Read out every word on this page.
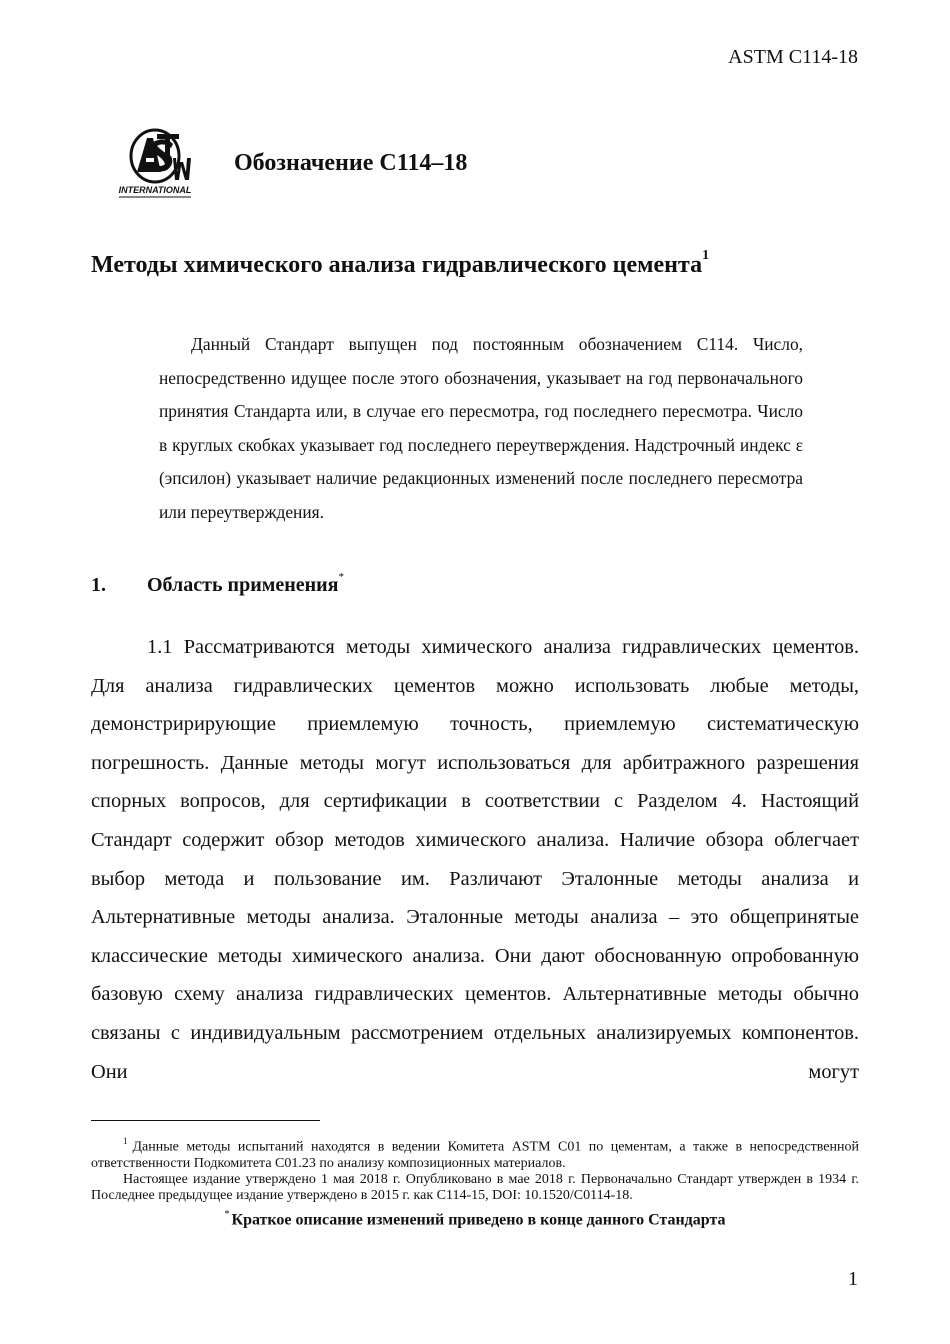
ASTM C114-18
INTERNATIONAL
Обозначение C114–18
Методы химического анализа гидравлического цемента$^1$
Данный Стандарт выпущен под постоянным обозначением C114. Число, непосредственно идущее после этого обозначения, указывает на год первоначального принятия Стандарта или, в случае его пересмотра, год последнего пересмотра. Число в круглых скобках указывает год последнего переутверждения. Надстрочный индекс ε (эпсилон) указывает наличие редакционных изменений после последнего пересмотра или переутверждения.
1. Область применения*
1.1 Рассматриваются методы химического анализа гидравлических цементов. Для анализа гидравлических цементов можно использовать любые методы, демонстририрующие приемлемую точность, приемлемую систематическую погрешность. Данные методы могут использоваться для арбитражного разрешения спорных вопросов, для сертификации в соответствии с Разделом 4. Настоящий Стандарт содержит обзор методов химического анализа. Наличие обзора облегчает выбор метода и пользование им. Различают Эталонные методы анализа и Альтернативные методы анализа. Эталонные методы анализа – это общепринятые классические методы химического анализа. Они дают обоснованную опробованную базовую схему анализа гидравлических цементов. Альтернативные методы обычно связаны с индивидуальным рассмотрением отдельных анализируемых компонентов. Они могут

$^1$ Данные методы испытаний находятся в ведении Комитета ASTM C01 по цементам, а также в непосредственной ответственности Подкомитета C01.23 по анализу композиционных материалов.

Настоящее издание утверждено 1 мая 2018 г. Опубликовано в мае 2018 г. Первоначально Стандарт утвержден в 1934 г. Последнее предыдущее издание утверждено в 2015 г. как C114-15, DOI: 10.1520/C0114-18.

* Краткое описание изменений приведено в конце данного Стандарта

1
